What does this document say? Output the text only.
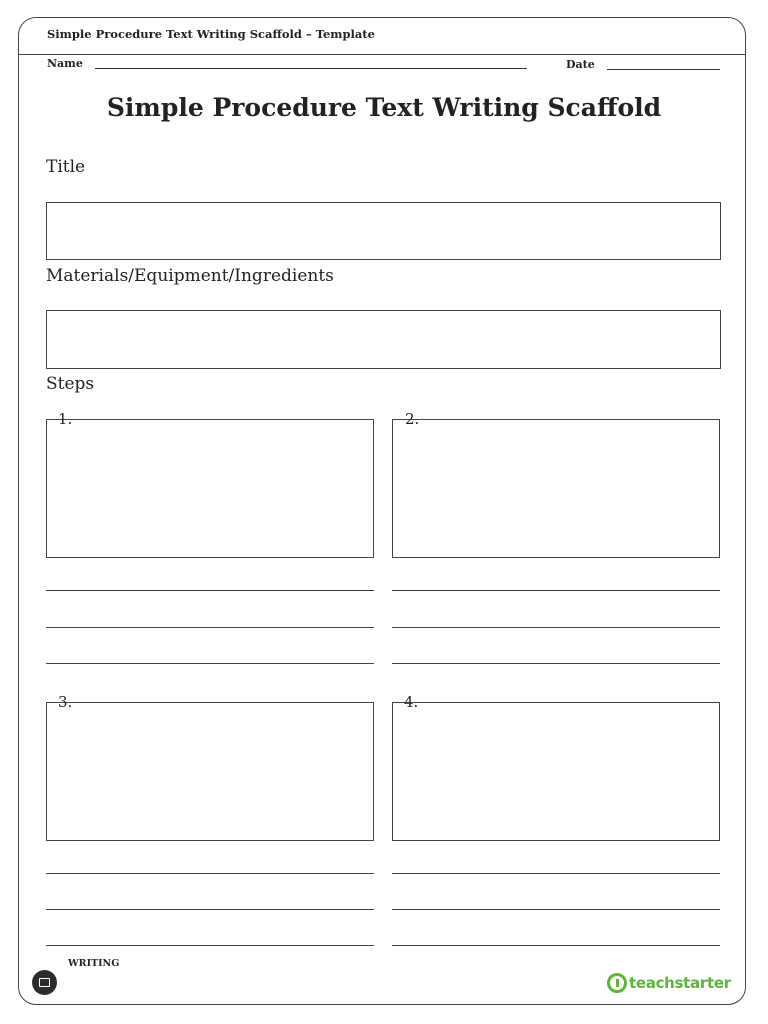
Simple Procedure Text Writing Scaffold – Template
Name	Date
Simple Procedure Text Writing Scaffold
Title
Materials/Equipment/Ingredients
Steps
1.	2.
3.	4.
WRITING
teachstarter
